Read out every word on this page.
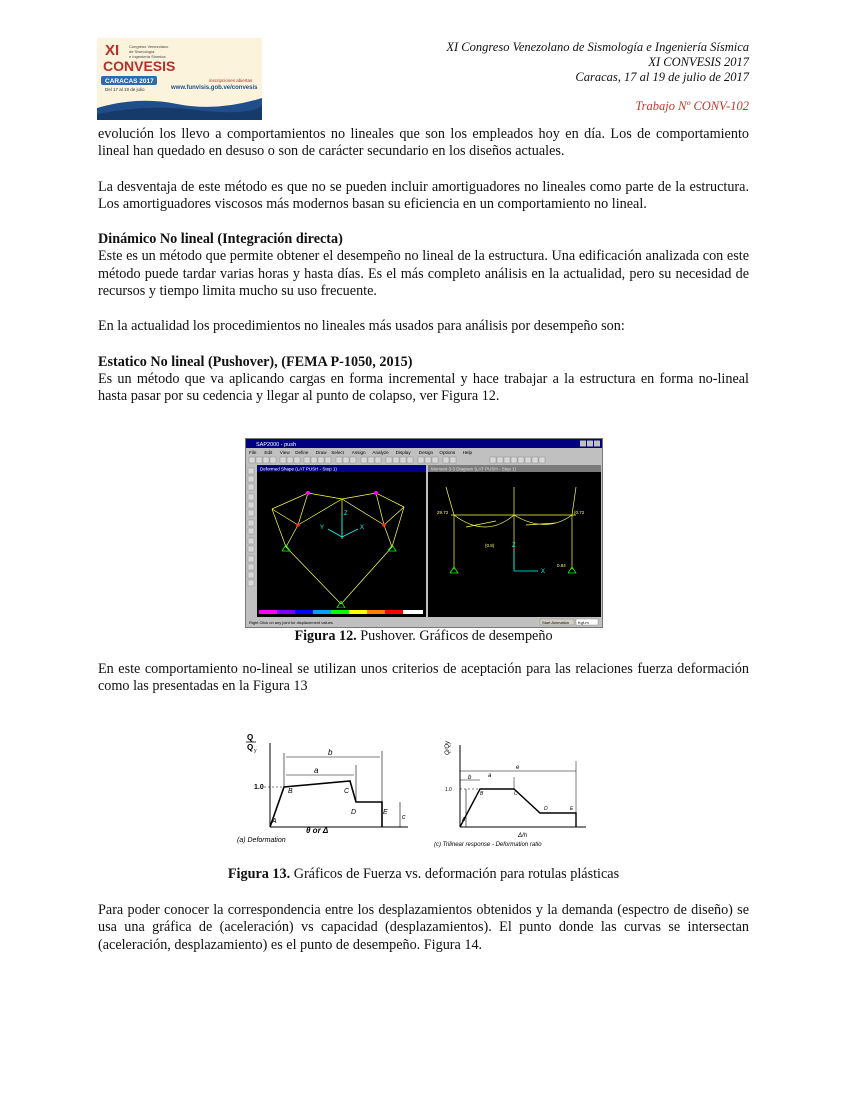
XI
CONVESIS
Congreso Venezolano
de Sismología
e Ingeniería Sísmica
CARACAS 2017
Del 17 al 19 de julio
inscripciones abiertas
www.funvisis.gob.ve/convesis
XI Congreso Venezolano de Sismología e Ingeniería Sísmica
XI CONVESIS 2017
Caracas, 17 al 19 de julio de 2017
Trabajo Nº CONV-102

evolución los llevo a comportamientos no lineales que son los empleados hoy en día. Los de comportamiento lineal han quedado en desuso o son de carácter secundario en los diseños actuales.

La desventaja de este método es que no se pueden incluir amortiguadores no lineales como parte de la estructura. Los amortiguadores viscosos más modernos basan su eficiencia en un comportamiento no lineal.

Dinámico No lineal (Integración directa)

Este es un método que permite obtener el desempeño no lineal de la estructura. Una edificación analizada con este método puede tardar varias horas y hasta días. Es el más completo análisis en la actualidad, pero su necesidad de recursos y tiempo limita mucho su uso frecuente.

En la actualidad los procedimientos no lineales más usados para análisis por desempeño son:

Estatico No lineal (Pushover), (FEMA P-1050, 2015)

Es un método que va aplicando cargas en forma incremental y hace trabajar a la estructura en forma no-lineal hasta pasar por su cedencia y llegar al punto de colapso, ver Figura 12.

SAP2000 - push
File Edit View Define Draw Select Assign Analyze Display Design Options Help
Deformed Shape (LAT PUSH - Step 1)
Z
Y	X
Moment 3-3 Diagram (LAT PUSH - Step 1)
29.72	(0.72
(0.8)
0.84
Z
X
Right Click on any joint for displacement values	Start Animation Kgf-m
Figura 12. Pushover. Gráficos de desempeño

En este comportamiento no-lineal se utilizan unos criterios de aceptación para las relaciones fuerza deformación como las presentadas en la Figura 13

Q
Q y
1.0
b
a
A
B	C
D	E
c
θ or Δ
(a) Deformation
Q/Qy
1.0
a
b
e
A
B	C
D	E
Δ/h
(c) Trilinear response - Deformation ratio
Figura 13. Gráficos de Fuerza vs. deformación para rotulas plásticas

Para poder conocer la correspondencia entre los desplazamientos obtenidos y la demanda (espectro de diseño) se usa una gráfica de (aceleración) vs capacidad (desplazamientos). El punto donde las curvas se intersectan (aceleración, desplazamiento) es el punto de desempeño. Figura 14.
